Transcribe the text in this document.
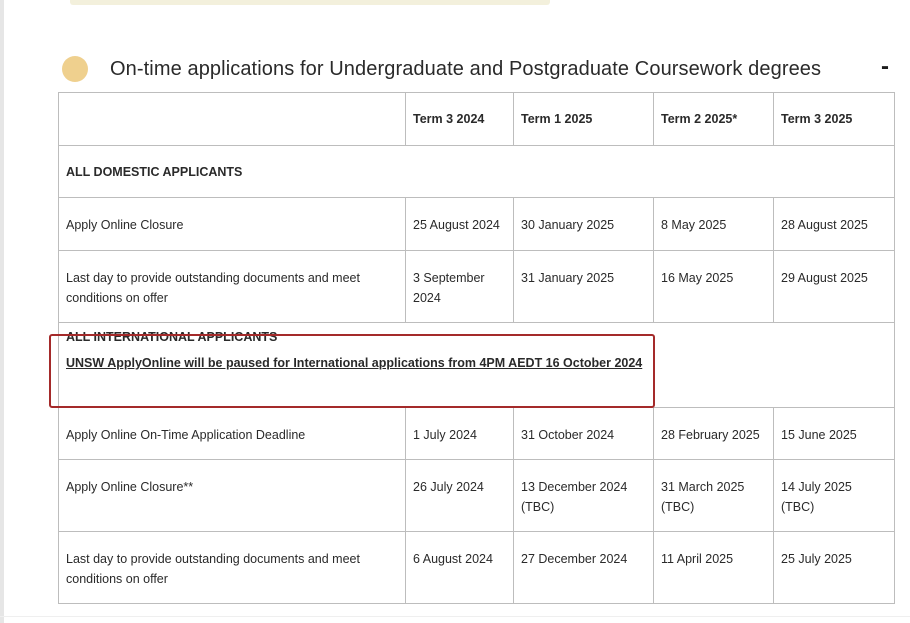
On-time applications for Undergraduate and Postgraduate Coursework degrees -
	Term 3 2024	Term 1 2025	Term 2 2025*	Term 3 2025
ALL DOMESTIC APPLICANTS				
Apply Online Closure	25 August 2024	30 January 2025	8 May 2025	28 August 2025
Last day to provide outstanding documents and meet conditions on offer	3 September 2024	31 January 2025	16 May 2025	29 August 2025

ALL INTERNATIONAL APPLICANTS
UNSW ApplyOnline will be paused for International applications from 4PM AEDT 16 October 2024				

Apply Online On-Time Application Deadline	1 July 2024	31 October 2024	28 February 2025	15 June 2025
Apply Online Closure**	26 July 2024	13 December 2024 (TBC)	31 March 2025 (TBC)	14 July 2025 (TBC)
Last day to provide outstanding documents and meet conditions on offer	6 August 2024	27 December 2024	11 April 2025	25 July 2025
